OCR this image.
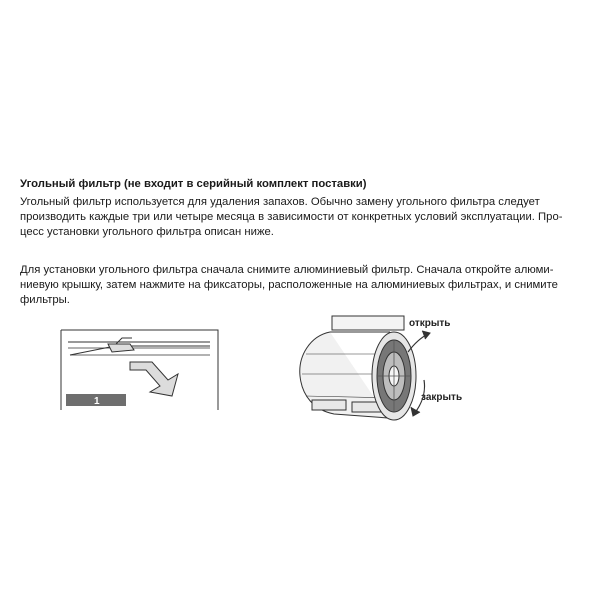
Угольный фильтр (не входит в серийный комплект поставки)

Угольный фильтр используется для удаления запахов. Обычно замену угольного фильтра следует
производить каждые три или четыре месяца в зависимости от конкретных условий эксплуатации. Про-
цесс установки угольного фильтра описан ниже.

Для установки угольного фильтра сначала снимите алюминиевый фильтр. Сначала откройте алюми-
ниевую крышку, затем нажмите на фиксаторы, расположенные на алюминиевых фильтрах, и снимите
фильтры.

1
открыть
закрыть
